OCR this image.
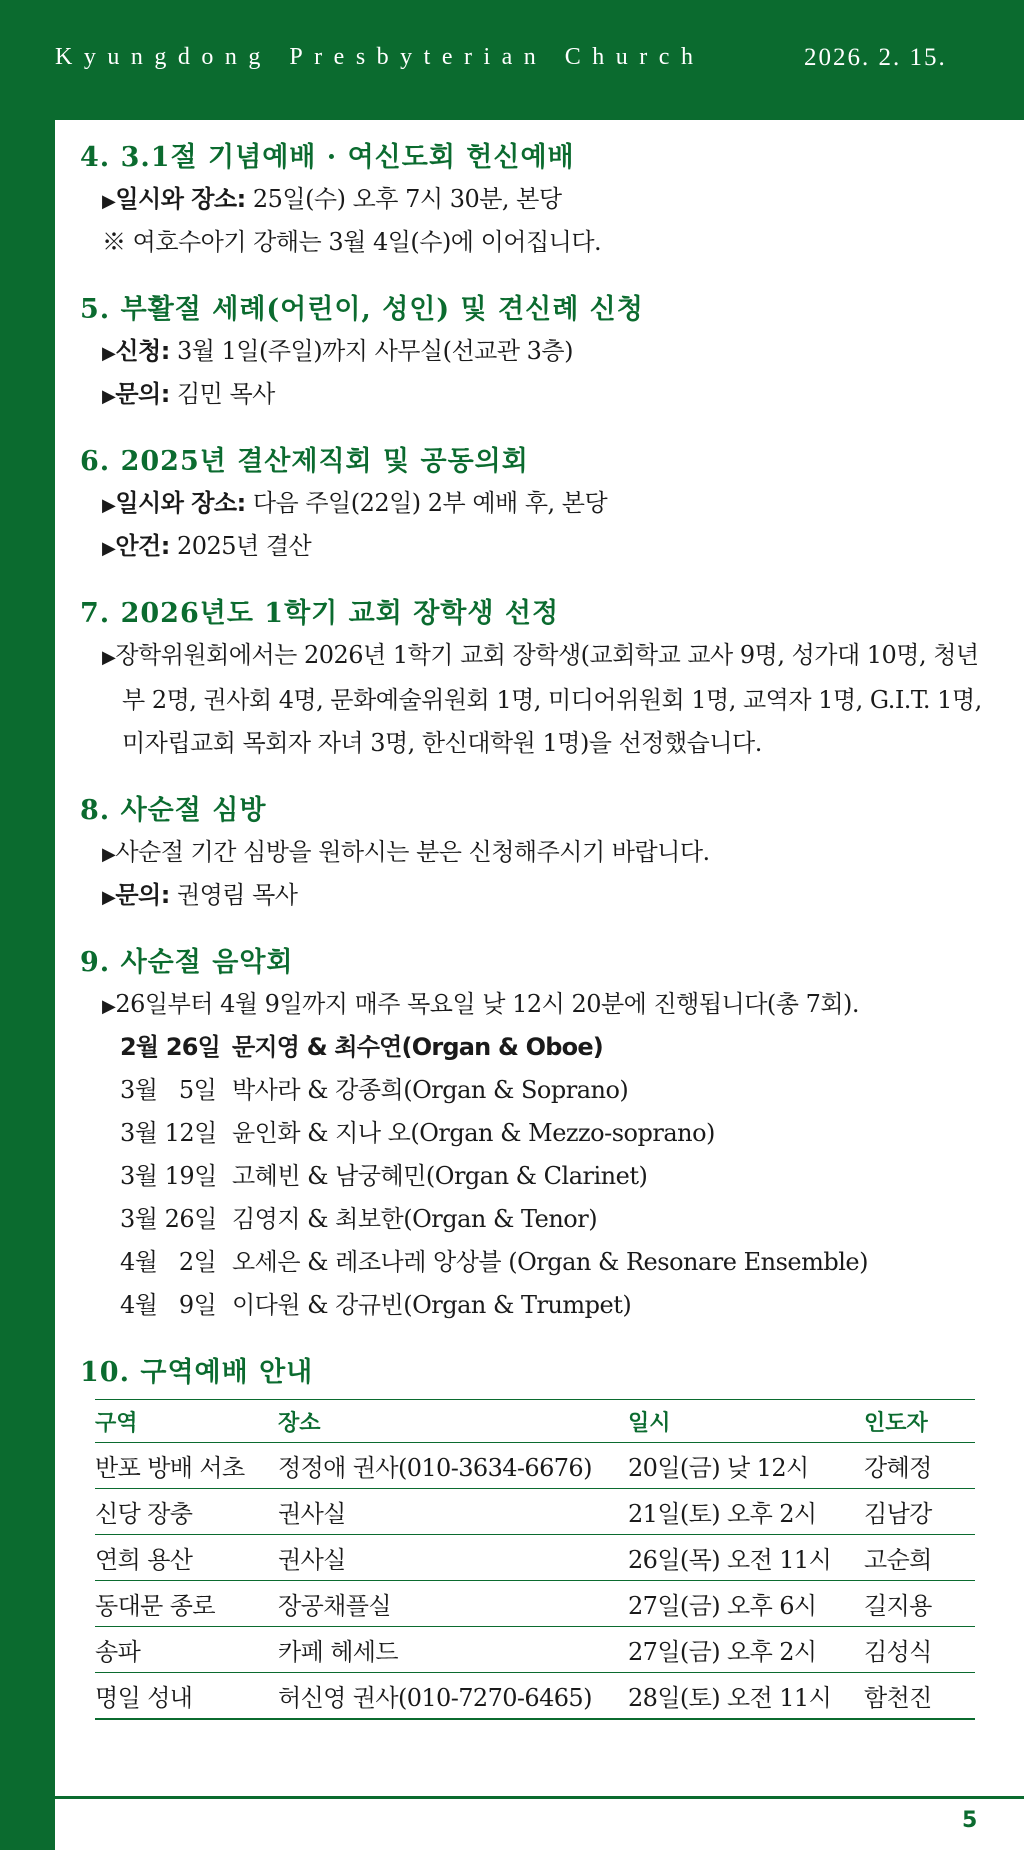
Kyungdong Presbyterian Church	2026. 2. 15.
4. 3.1절 기념예배 · 여신도회 헌신예배
▶일시와 장소: 25일(수) 오후 7시 30분, 본당
※ 여호수아기 강해는 3월 4일(수)에 이어집니다.
5. 부활절 세례(어린이, 성인) 및 견신례 신청
▶신청: 3월 1일(주일)까지 사무실(선교관 3층)
▶문의: 김민 목사
6. 2025년 결산제직회 및 공동의회
▶일시와 장소: 다음 주일(22일) 2부 예배 후, 본당
▶안건: 2025년 결산
7. 2026년도 1학기 교회 장학생 선정
▶장학위원회에서는 2026년 1학기 교회 장학생(교회학교 교사 9명, 성가대 10명, 청년부 2명, 권사회 4명, 문화예술위원회 1명, 미디어위원회 1명, 교역자 1명, G.I.T. 1명, 미자립교회 목회자 자녀 3명, 한신대학원 1명)을 선정했습니다.
8. 사순절 심방
▶사순절 기간 심방을 원하시는 분은 신청해주시기 바랍니다.
▶문의: 권영림 목사
9. 사순절 음악회
▶26일부터 4월 9일까지 매주 목요일 낮 12시 20분에 진행됩니다(총 7회).
2월 26일 문지영 & 최수연(Organ & Oboe)
3월   5일 박사라 & 강종희(Organ & Soprano)
3월 12일 윤인화 & 지나 오(Organ & Mezzo-soprano)
3월 19일 고혜빈 & 남궁혜민(Organ & Clarinet)
3월 26일 김영지 & 최보한(Organ & Tenor)
4월   2일 오세은 & 레조나레 앙상블 (Organ & Resonare Ensemble)
4월   9일 이다원 & 강규빈(Organ & Trumpet)
10. 구역예배 안내
구역	장소	일시	인도자
반포 방배 서초	정정애 권사(010-3634-6676)	20일(금) 낮 12시	강혜정
신당 장충	권사실	21일(토) 오후 2시	김남강
연희 용산	권사실	26일(목) 오전 11시	고순희
동대문 종로	장공채플실	27일(금) 오후 6시	길지용
송파	카페 헤세드	27일(금) 오후 2시	김성식
명일 성내	허신영 권사(010-7270-6465)	28일(토) 오전 11시	함천진
5
